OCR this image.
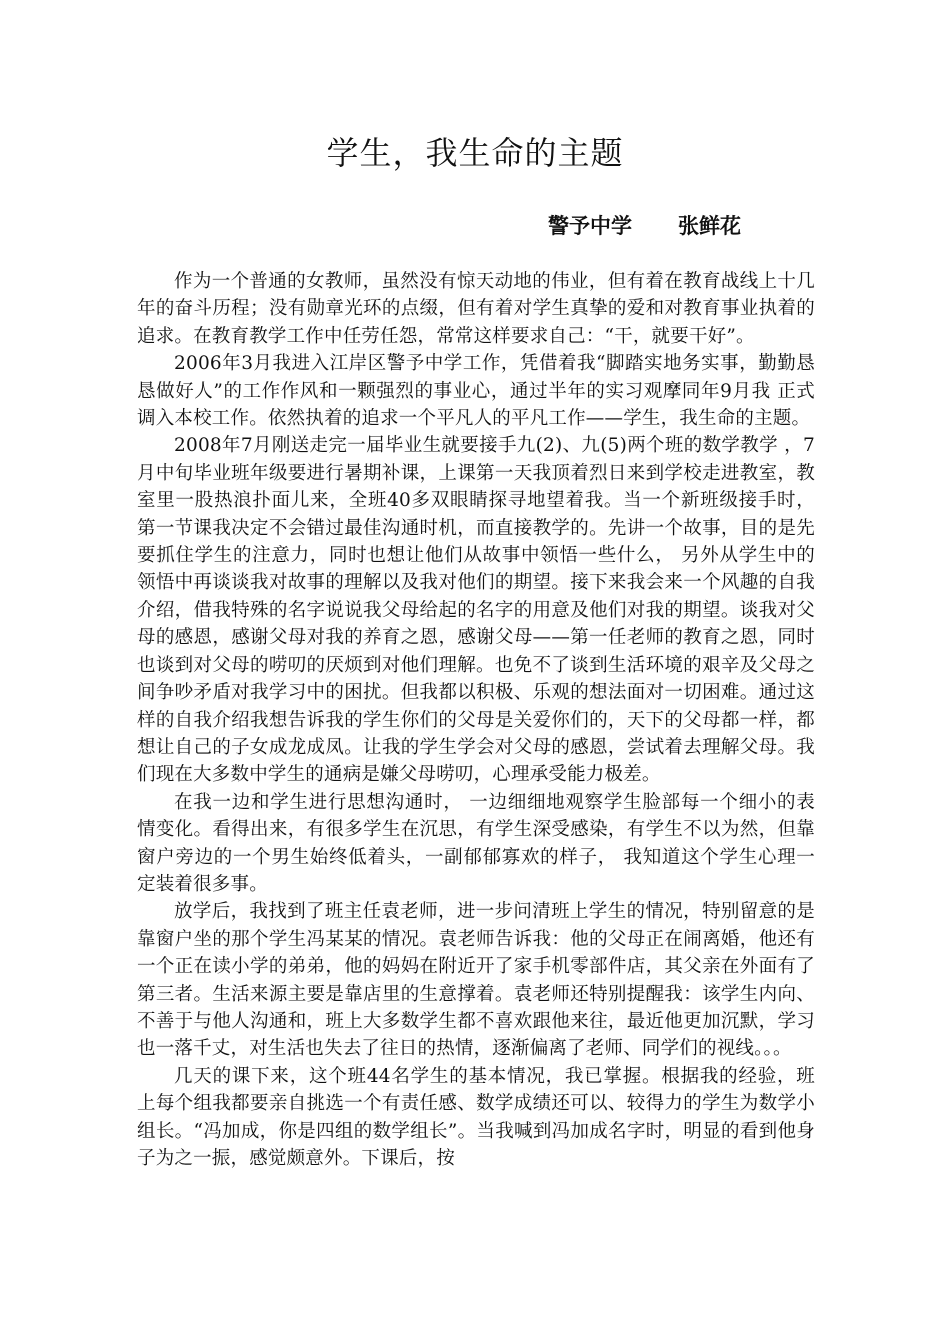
学生，我生命的主题
警予中学 张鲜花

作为一个普通的女教师，虽然没有惊天动地的伟业，但有着在教育战线上十几年的奋斗历程；没有勋章光环的点缀，但有着对学生真挚的爱和对教育事业执着的追求。在教育教学工作中任劳任怨，常常这样要求自己：“干，就要干好”。

2006年3月我进入江岸区警予中学工作，凭借着我“脚踏实地务实事，勤勤恳恳做好人”的工作作风和一颗强烈的事业心，通过半年的实习观摩同年9月我 正式调入本校工作。依然执着的追求一个平凡人的平凡工作——学生，我生命的主题。

2008年7月刚送走完一届毕业生就要接手九(2)、九(5)两个班的数学教学 ，7月中旬毕业班年级要进行暑期补课，上课第一天我顶着烈日来到学校走进教室，教室里一股热浪扑面儿来，全班40多双眼睛探寻地望着我。当一个新班级接手时，第一节课我决定不会错过最佳沟通时机，而直接教学的。先讲一个故事，目的是先要抓住学生的注意力，同时也想让他们从故事中领悟一些什么， 另外从学生中的领悟中再谈谈我对故事的理解以及我对他们的期望。接下来我会来一个风趣的自我介绍，借我特殊的名字说说我父母给起的名字的用意及他们对我的期望。谈我对父母的感恩，感谢父母对我的养育之恩，感谢父母——第一任老师的教育之恩，同时也谈到对父母的唠叨的厌烦到对他们理解。也免不了谈到生活环境的艰辛及父母之间争吵矛盾对我学习中的困扰。但我都以积极、乐观的想法面对一切困难。通过这样的自我介绍我想告诉我的学生你们的父母是关爱你们的，天下的父母都一样，都想让自己的子女成龙成凤。让我的学生学会对父母的感恩，尝试着去理解父母。我们现在大多数中学生的通病是嫌父母唠叨，心理承受能力极差。

在我一边和学生进行思想沟通时， 一边细细地观察学生脸部每一个细小的表情变化。看得出来，有很多学生在沉思，有学生深受感染，有学生不以为然，但靠窗户旁边的一个男生始终低着头，一副郁郁寡欢的样子， 我知道这个学生心理一定装着很多事。

放学后，我找到了班主任袁老师，进一步问清班上学生的情况，特别留意的是靠窗户坐的那个学生冯某某的情况。袁老师告诉我：他的父母正在闹离婚，他还有一个正在读小学的弟弟，他的妈妈在附近开了家手机零部件店，其父亲在外面有了第三者。生活来源主要是靠店里的生意撑着。袁老师还特别提醒我：该学生内向、不善于与他人沟通和，班上大多数学生都不喜欢跟他来往，最近他更加沉默，学习也一落千丈，对生活也失去了往日的热情，逐渐偏离了老师、同学们的视线。。。

几天的课下来，这个班44名学生的基本情况，我已掌握。根据我的经验，班上每个组我都要亲自挑选一个有责任感、数学成绩还可以、较得力的学生为数学小组长。“冯加成，你是四组的数学组长”。当我喊到冯加成名字时，明显的看到他身子为之一振，感觉颇意外。下课后，按
